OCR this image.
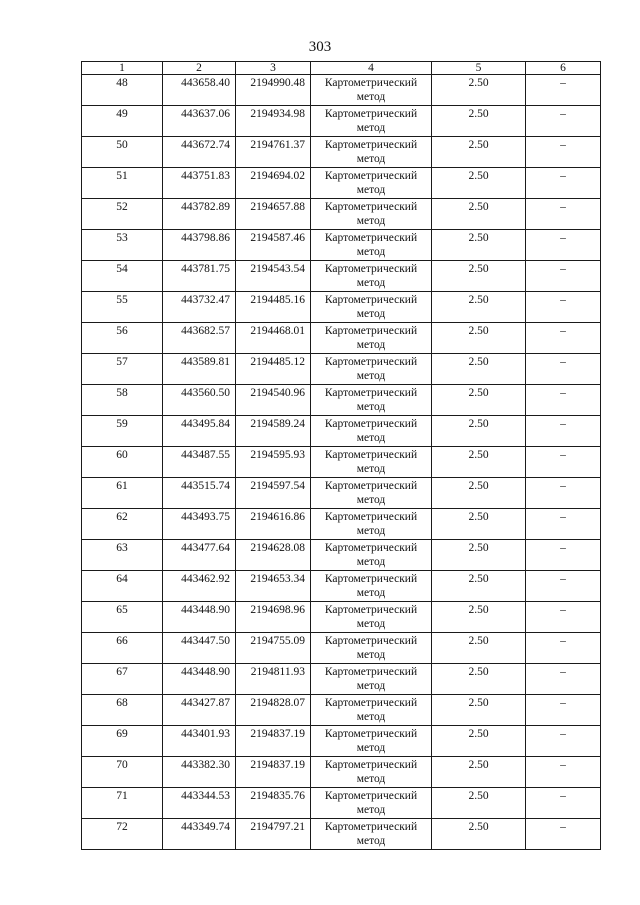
303
1	2	3	4	5	6
48	443658.40	2194990.48	Картометрический метод	2.50	–
49	443637.06	2194934.98	Картометрический метод	2.50	–
50	443672.74	2194761.37	Картометрический метод	2.50	–
51	443751.83	2194694.02	Картометрический метод	2.50	–
52	443782.89	2194657.88	Картометрический метод	2.50	–
53	443798.86	2194587.46	Картометрический метод	2.50	–
54	443781.75	2194543.54	Картометрический метод	2.50	–
55	443732.47	2194485.16	Картометрический метод	2.50	–
56	443682.57	2194468.01	Картометрический метод	2.50	–
57	443589.81	2194485.12	Картометрический метод	2.50	–
58	443560.50	2194540.96	Картометрический метод	2.50	–
59	443495.84	2194589.24	Картометрический метод	2.50	–
60	443487.55	2194595.93	Картометрический метод	2.50	–
61	443515.74	2194597.54	Картометрический метод	2.50	–
62	443493.75	2194616.86	Картометрический метод	2.50	–
63	443477.64	2194628.08	Картометрический метод	2.50	–
64	443462.92	2194653.34	Картометрический метод	2.50	–
65	443448.90	2194698.96	Картометрический метод	2.50	–
66	443447.50	2194755.09	Картометрический метод	2.50	–
67	443448.90	2194811.93	Картометрический метод	2.50	–
68	443427.87	2194828.07	Картометрический метод	2.50	–
69	443401.93	2194837.19	Картометрический метод	2.50	–
70	443382.30	2194837.19	Картометрический метод	2.50	–
71	443344.53	2194835.76	Картометрический метод	2.50	–
72	443349.74	2194797.21	Картометрический метод	2.50	–
